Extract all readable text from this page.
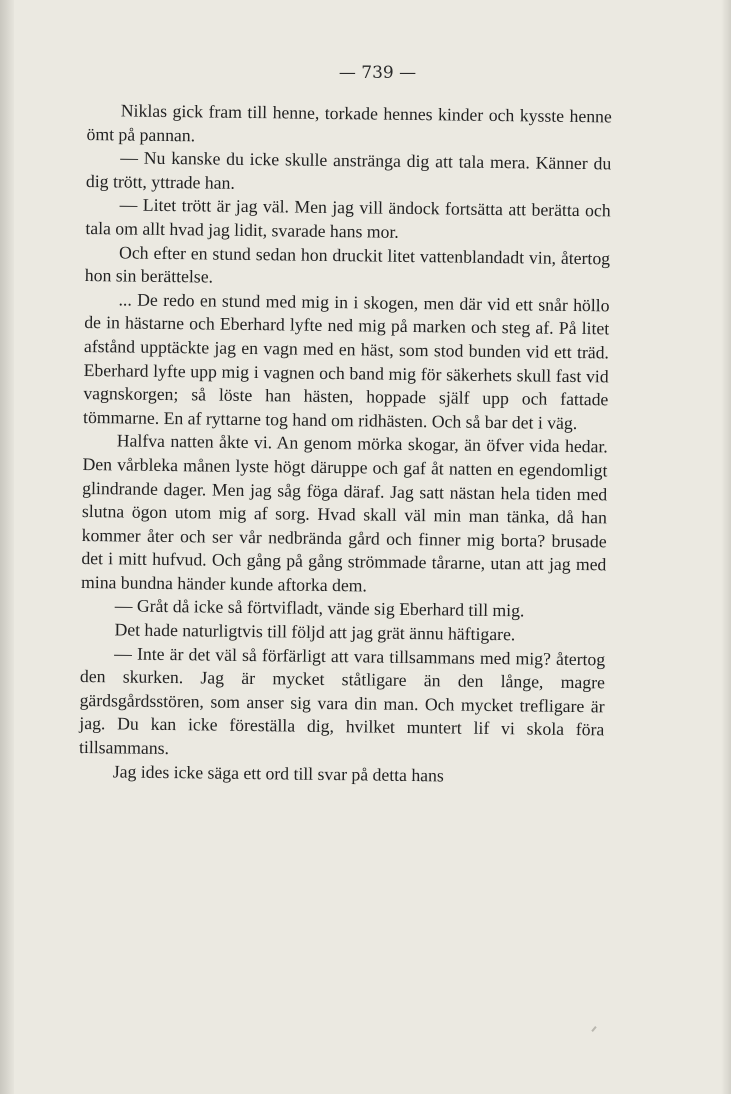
— 739 —

Niklas gick fram till henne, torkade hennes kinder och kysste henne ömt på pannan.

— Nu kanske du icke skulle anstränga dig att tala mera. Känner du dig trött, yttrade han.

— Litet trött är jag väl. Men jag vill ändock fortsätta att berätta och tala om allt hvad jag lidit, svarade hans mor.

Och efter en stund sedan hon druckit litet vattenblandadt vin, återtog hon sin berättelse.

... De redo en stund med mig in i skogen, men där vid ett snår höllo de in hästarne och Eberhard lyfte ned mig på marken och steg af. På litet afstånd upptäckte jag en vagn med en häst, som stod bunden vid ett träd. Eberhard lyfte upp mig i vagnen och band mig för säkerhets skull fast vid vagnskorgen; så löste han hästen, hoppade själf upp och fattade tömmarne. En af ryttarne tog hand om ridhästen. Och så bar det i väg.

Halfva natten åkte vi. An genom mörka skogar, än öfver vida hedar. Den vårbleka månen lyste högt däruppe och gaf åt natten en egendomligt glindrande dager. Men jag såg föga däraf. Jag satt nästan hela tiden med slutna ögon utom mig af sorg. Hvad skall väl min man tänka, då han kommer åter och ser vår nedbrända gård och finner mig borta? brusade det i mitt hufvud. Och gång på gång strömmade tårarne, utan att jag med mina bundna händer kunde aftorka dem.

— Gråt då icke så förtvifladt, vände sig Eberhard till mig.

Det hade naturligtvis till följd att jag grät ännu häftigare.

— Inte är det väl så förfärligt att vara tillsammans med mig? återtog den skurken. Jag är mycket ståtligare än den långe, magre gärdsgårdsstören, som anser sig vara din man. Och mycket trefligare är jag. Du kan icke föreställa dig, hvilket muntert lif vi skola föra tillsammans.

Jag ides icke säga ett ord till svar på detta hans
